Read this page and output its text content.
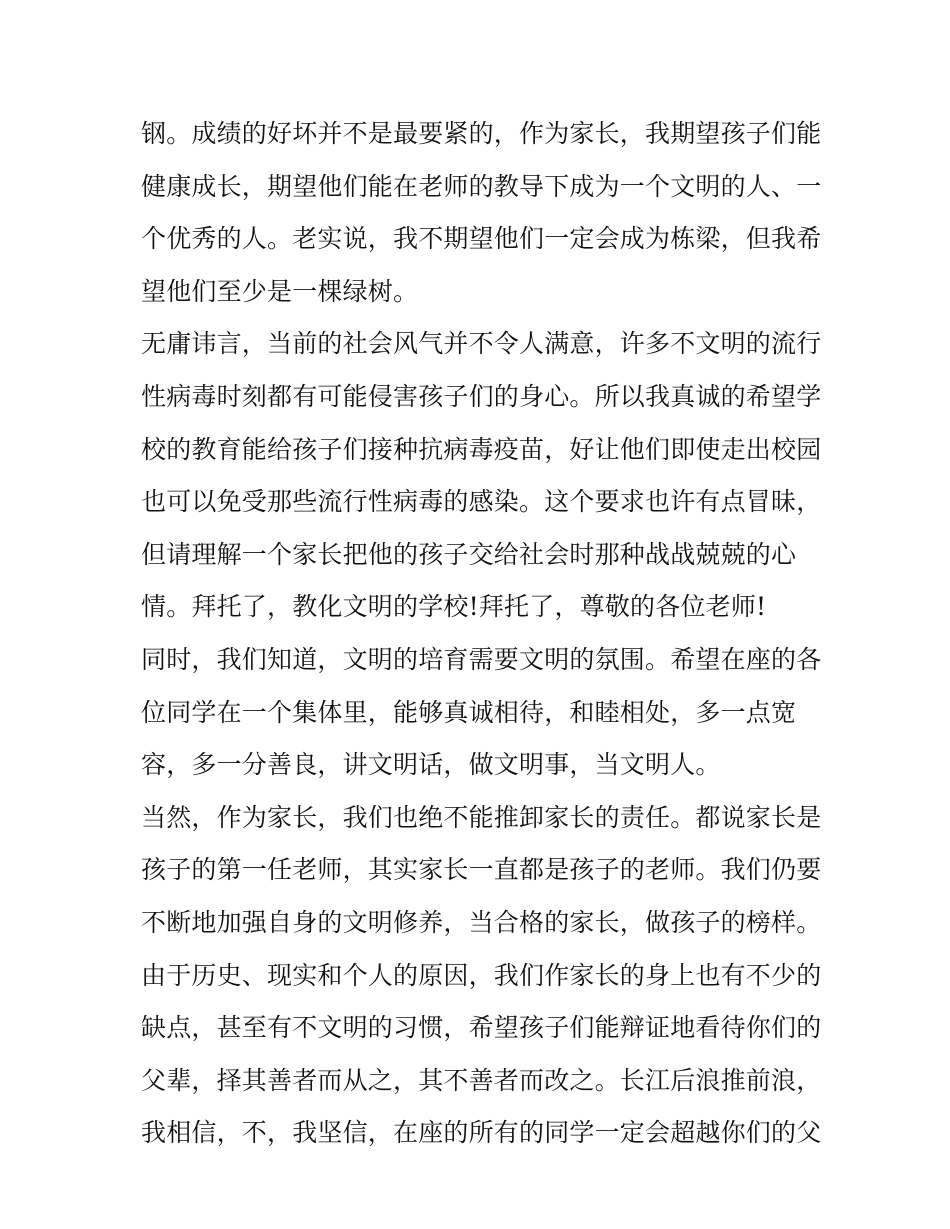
钢。成绩的好坏并不是最要紧的，作为家长，我期望孩子们能
健康成长，期望他们能在老师的教导下成为一个文明的人、一
个优秀的人。老实说，我不期望他们一定会成为栋梁，但我希
望他们至少是一棵绿树。
无庸讳言，当前的社会风气并不令人满意，许多不文明的流行
性病毒时刻都有可能侵害孩子们的身心。所以我真诚的希望学
校的教育能给孩子们接种抗病毒疫苗，好让他们即使走出校园
也可以免受那些流行性病毒的感染。这个要求也许有点冒昧，
但请理解一个家长把他的孩子交给社会时那种战战兢兢的心
情。拜托了，教化文明的学校!拜托了，尊敬的各位老师!
同时，我们知道，文明的培育需要文明的氛围。希望在座的各
位同学在一个集体里，能够真诚相待，和睦相处，多一点宽
容，多一分善良，讲文明话，做文明事，当文明人。
当然，作为家长，我们也绝不能推卸家长的责任。都说家长是
孩子的第一任老师，其实家长一直都是孩子的老师。我们仍要
不断地加强自身的文明修养，当合格的家长，做孩子的榜样。
由于历史、现实和个人的原因，我们作家长的身上也有不少的
缺点，甚至有不文明的习惯，希望孩子们能辩证地看待你们的
父辈，择其善者而从之，其不善者而改之。长江后浪推前浪，
我相信，不，我坚信，在座的所有的同学一定会超越你们的父
